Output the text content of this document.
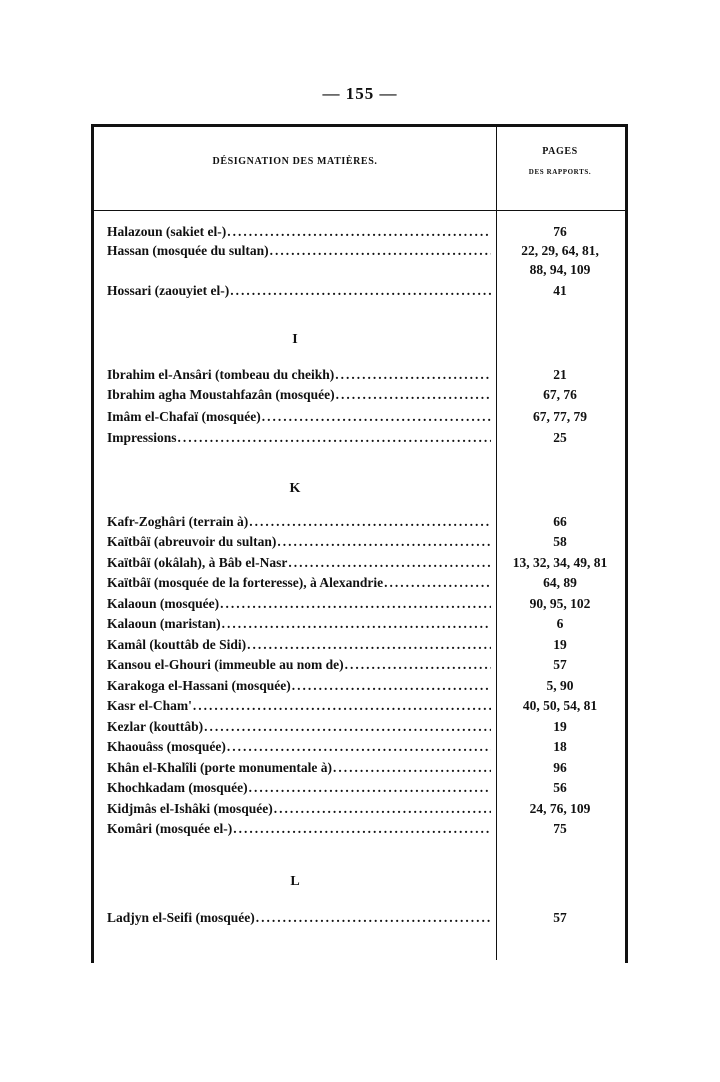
— 155 —
DÉSIGNATION DES MATIÈRES.
PAGES
DES RAPPORTS.
Halazoun (sakiet el-) .....	76
Hassan (mosquée du sultan) .....	22, 29, 64, 81,
88, 94, 109
Hossari (zaouyiet el-) .....	41
I
Ibrahim el-Ansâri (tombeau du cheikh) .....	21
Ibrahim agha Moustahfazân (mosquée) .....	67, 76
Imâm el-Chafaï (mosquée) .....	67, 77, 79
Impressions .....	25
K
Kafr-Zoghâri (terrain à) .....	66
Kaïtbâï (abreuvoir du sultan) .....	58
Kaïtbâï (okâlah), à Bâb el-Nasr .....	13, 32, 34, 49, 81
Kaïtbâï (mosquée de la forteresse), à Alexandrie .....	64, 89
Kalaoun (mosquée) .....	90, 95, 102
Kalaoun (maristan) .....	6
Kamâl (kouttâb de Sidi) .....	19
Kansou el-Ghouri (immeuble au nom de) .....	57
Karakoga el-Hassani (mosquée) .....	5, 90
Kasr el-Cham' .....	40, 50, 54, 81
Kezlar (kouttâb) .....	19
Khaouâss (mosquée) .....	18
Khân el-Khalîli (porte monumentale à) .....	96
Khochkadam (mosquée) .....	56
Kidjmâs el-Ishâki (mosquée) .....	24, 76, 109
Komâri (mosquée el-) .....	75
L
Ladjyn el-Seifi (mosquée) .....	57
